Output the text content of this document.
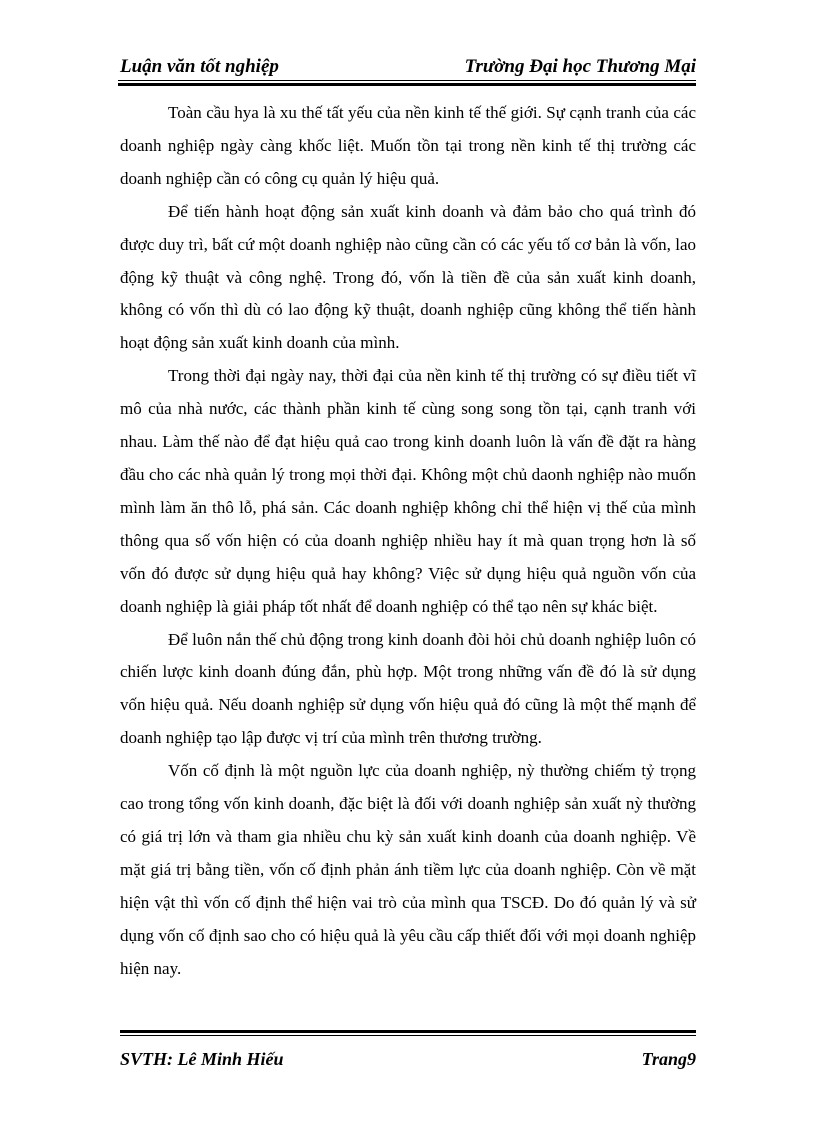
Luận văn tốt nghiệp	Trường Đại học Thương Mại

Toàn cầu hya là xu thế tất yếu của nền kinh tế thế giới. Sự cạnh tranh của các doanh nghiệp ngày càng khốc liệt. Muốn tồn tại trong nền kinh tế thị trường các doanh nghiệp cần có công cụ quản lý hiệu quả.

Để tiến hành hoạt động sản xuất kinh doanh và đảm bảo cho quá trình đó được duy trì, bất cứ một doanh nghiệp nào cũng cần có các yếu tố cơ bản là vốn, lao động kỹ thuật và công nghệ. Trong đó, vốn là tiền đề của sản xuất kinh doanh, không có vốn thì dù có lao động kỹ thuật, doanh nghiệp cũng không thể tiến hành hoạt động sản xuất kinh doanh của mình.

Trong thời đại ngày nay, thời đại của nền kinh tế thị trường có sự điều tiết vĩ mô của nhà nước, các thành phần kinh tế cùng song song tồn tại, cạnh tranh với nhau. Làm thế nào để đạt hiệu quả cao trong kinh doanh luôn là vấn đề đặt ra hàng đầu cho các nhà quản lý trong mọi thời đại. Không một chủ daonh nghiệp nào muốn mình làm ăn thô lỗ, phá sản. Các doanh nghiệp không chỉ thể hiện vị thế của mình thông qua số vốn hiện có của doanh nghiệp nhiều hay ít mà quan trọng hơn là số vốn đó được sử dụng hiệu quả hay không? Việc sử dụng hiệu quả nguồn vốn của doanh nghiệp là giải pháp tốt nhất để doanh nghiệp có thể tạo nên sự khác biệt.

Để luôn nắn thế chủ động trong kinh doanh đòi hỏi chủ doanh nghiệp luôn có chiến lược kinh doanh đúng đắn, phù hợp. Một trong những vấn đề đó là sử dụng vốn hiệu quả. Nếu doanh nghiệp sử dụng vốn hiệu quả đó cũng là một thế mạnh để doanh nghiệp tạo lập được vị trí của mình trên thương trường.

Vốn cố định là một nguồn lực của doanh nghiệp, nỳ thường chiếm tỷ trọng cao trong tổng vốn kinh doanh, đặc biệt là đối với doanh nghiệp sản xuất nỳ thường có giá trị lớn và tham gia nhiều chu kỳ sản xuất kinh doanh của doanh nghiệp. Về mặt giá trị bằng tiền, vốn cố định phản ánh tiềm lực của doanh nghiệp. Còn về mặt hiện vật thì vốn cố định thể hiện vai trò của mình qua TSCĐ. Do đó quản lý và sử dụng vốn cố định sao cho có hiệu quả là yêu cầu cấp thiết đối với mọi doanh nghiệp hiện nay.

SVTH: Lê Minh Hiếu	Trang9
